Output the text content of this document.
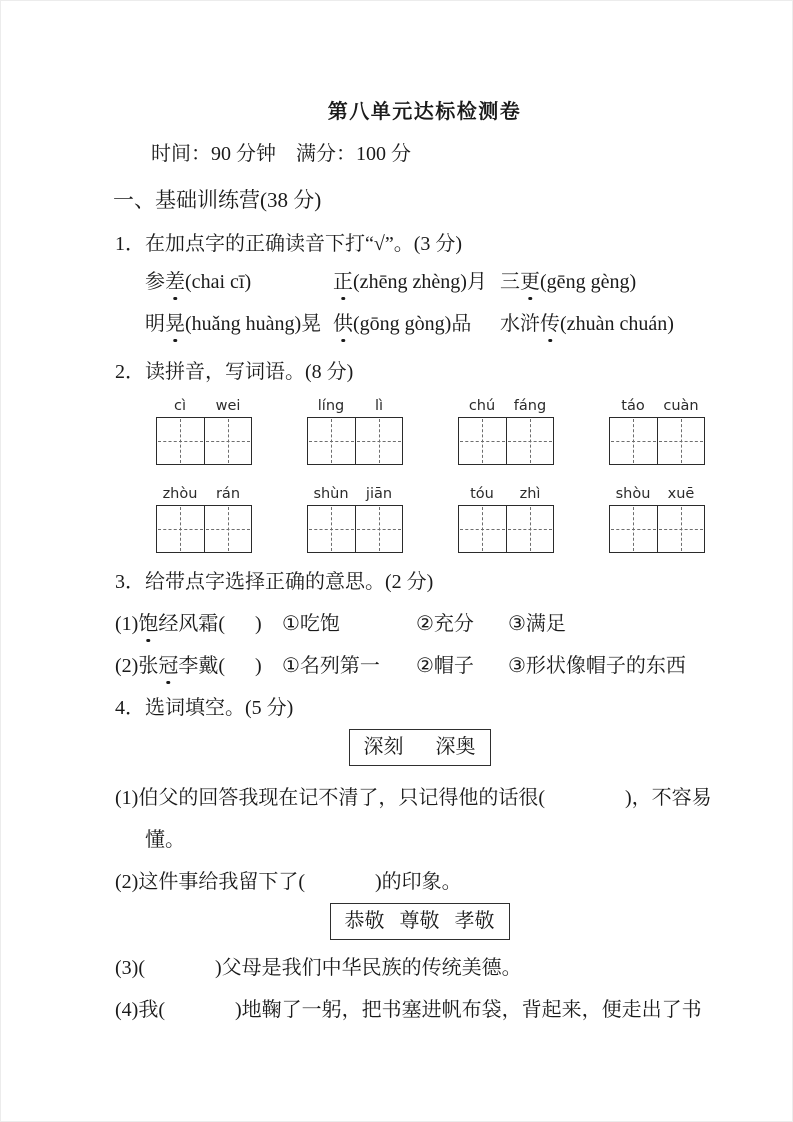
第八单元达标检测卷
时间：90 分钟    满分：100 分
一、基础训练营(38 分)
1．在加点字的正确读音下打“√”。(3 分)
参差(chai cī)	正(zhēng zhèng)月 三更(gēng gèng)
明晃(huǎng huàng)晃 供(gōng gòng)品	水浒传(zhuàn chuán)
2．读拼音，写词语。(8 分)
cì	wei	líng	lì	chú	fáng	táo	cuàn
zhòu	rán	shùn	jiān	tóu	zhì	shòu	xuē
3．给带点字选择正确的意思。(2 分)
(1)饱经风霜( )	①吃饱	②充分	③满足
(2)张冠李戴( )	①名列第一	②帽子	③形状像帽子的东西
4．选词填空。(5 分)
深刻 深奥
(1)伯父的回答我现在记不清了，只记得他的话很(                )，不容易
懂。
(2)这件事给我留下了(              )的印象。
恭敬 尊敬 孝敬
(3)(              )父母是我们中华民族的传统美德。
(4)我(              )地鞠了一躬，把书塞进帆布袋，背起来，便走出了书
